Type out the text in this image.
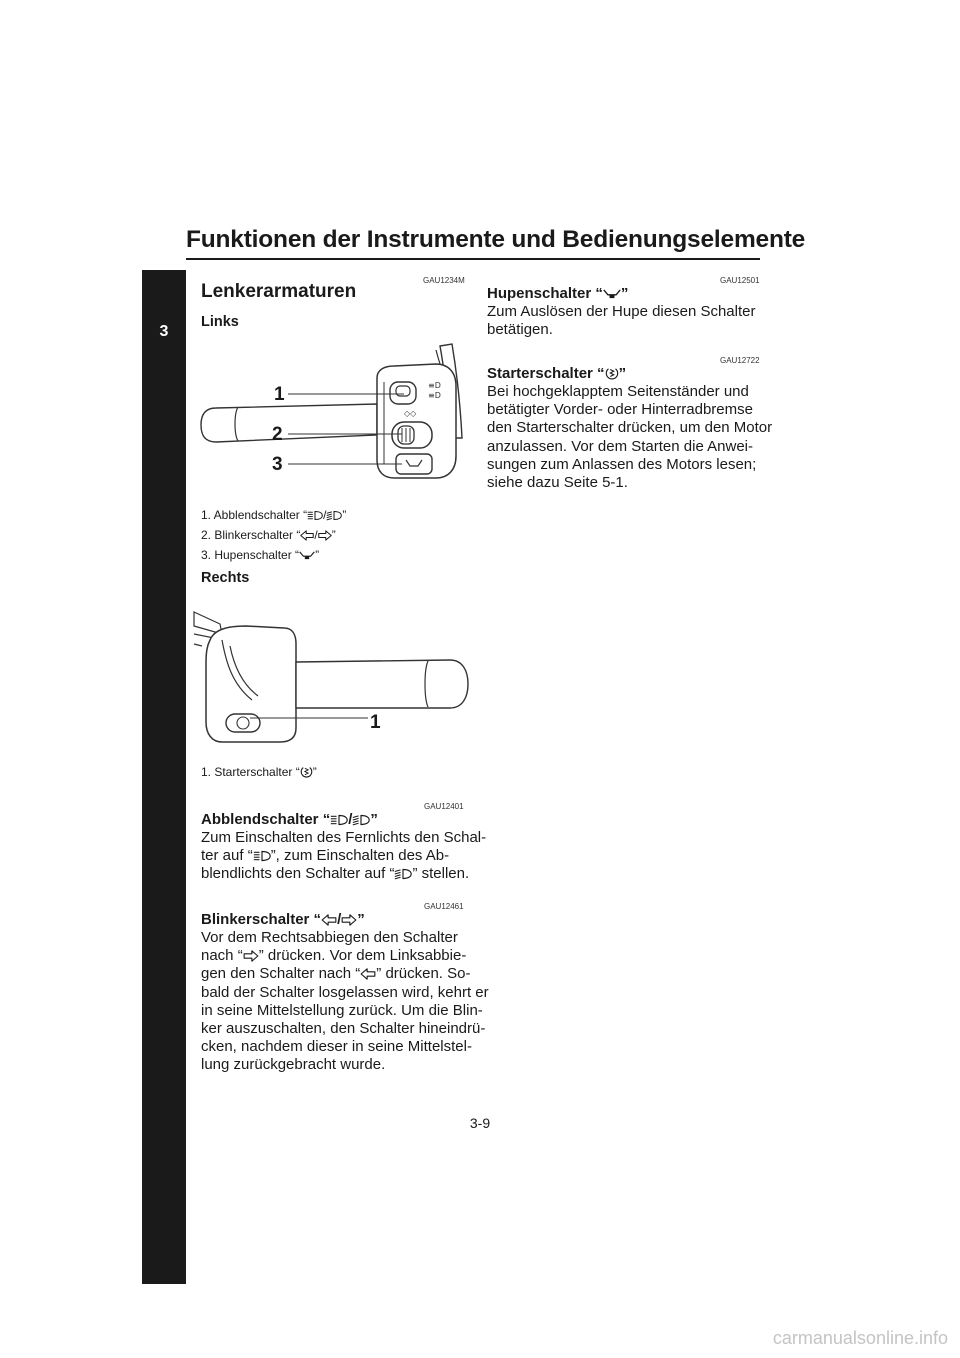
Funktionen der Instrumente und Bedienungselemente
3
GAU1234M
Lenkerarmaturen
Links
≡D
≡D
◇◇
1
2
3
1. Abblendschalter “ / ”
2. Blinkerschalter “ / ”
3. Hupenschalter “ ”
Rechts
1
1. Starterschalter “ ”
GAU12401
Abblendschalter “ / ”
Zum Einschalten des Fernlichts den Schal-
ter auf “ ”, zum Einschalten des Ab-
blendlichts den Schalter auf “ ” stellen.
GAU12461
Blinkerschalter “ / ”
Vor dem Rechtsabbiegen den Schalter
nach “ ” drücken. Vor dem Linksabbie-
gen den Schalter nach “ ” drücken. So-
bald der Schalter losgelassen wird, kehrt er
in seine Mittelstellung zurück. Um die Blin-
ker auszuschalten, den Schalter hineindrü-
cken, nachdem dieser in seine Mittelstel-
lung zurückgebracht wurde.
GAU12501
Hupenschalter “ ”
Zum Auslösen der Hupe diesen Schalter
betätigen.
GAU12722
Starterschalter “ ”
Bei hochgeklapptem Seitenständer und
betätigter Vorder- oder Hinterradbremse
den Starterschalter drücken, um den Motor
anzulassen. Vor dem Starten die Anwei-
sungen zum Anlassen des Motors lesen;
siehe dazu Seite 5-1.
3-9
carmanualsonline.info
